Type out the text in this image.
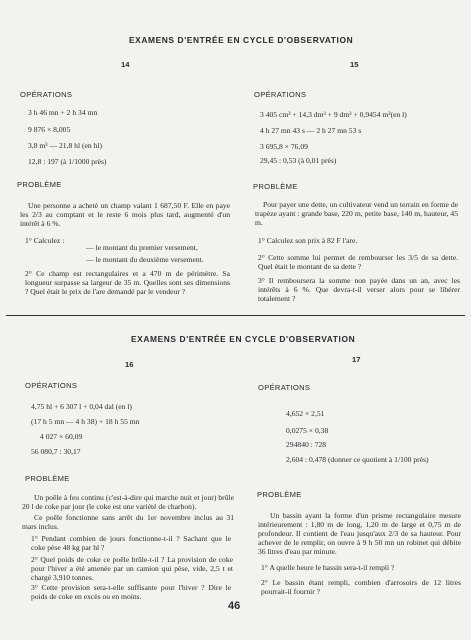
EXAMENS D'ENTRÉE EN CYCLE D'OBSERVATION
14
OPÉRATIONS
3 h 46 mn + 2 h 34 mn
9 876 × 8,005
3,8 m³ — 21,8 hl (en hl)
12,8 : 197 (à 1/1000 près)
PROBLÈME
Une personne a acheté un champ valant 1 687,50 F. Elle en paye les 2/3 au comptant et le reste 6 mois plus tard, augmenté d'un intérêt à 6 %.
1° Calculez :
— le montant du premier versement,
— le montant du deuxième versement.
2° Ce champ est rectangulaires et a 470 m de périmètre. Sa longueur surpasse sa largeur de 35 m. Quelles sont ses dimensions ? Quel était le prix de l'are demandé par le vendeur ?
15
OPÉRATIONS
3 405 cm³ + 14,3 dm³ + 9 dm³ + 0,9454 m³(en l)
4 h 27 mn 43 s — 2 h 27 mn 53 s
3 695,8 × 76,09
29,45 : 0,53 (à 0,01 près)
PROBLÈME
Pour payer une dette, un cultivateur vend un terrain en forme de trapèze ayant : grande base, 220 m, petite base, 140 m, hauteur, 45 m.
1° Calculez son prix à 82 F l'are.
2° Cette somme lui permet de rembourser les 3/5 de sa dette. Quel était le montant de sa dette ?
3° Il remboursera la somme non payée dans un an, avec les intérêts à 6 %. Que devra-t-il verser alors pour se libérer totalement ?
EXAMENS D'ENTRÉE EN CYCLE D'OBSERVATION
16
OPÉRATIONS
4,75 hl + 6 307 l + 0,04 dal (en l)
(17 h 5 mn — 4 h 38) + 18 h 55 mn
4 027 × 60,09
56 080,7 : 30,17
PROBLÈME
Un poêle à feu continu (c'est-à-dire qui marche nuit et jour) brûle 20 l de coke par jour (le coke est une variété de charbon).
Ce poêle fonctionne sans arrêt du 1er novembre inclus au 31 mars inclus.
1° Pendant combien de jours fonctionne-t-il ? Sachant que le coke pèse 48 kg par hl ?
2° Quel poids de coke ce poêle brûle-t-il ? La provision de coke pour l'hiver a été amenée par un camion qui pèse, vide, 2,5 t et chargé 3,910 tonnes.
3° Cette provision sera-t-elle suffisante pour l'hiver ? Dire le poids de coke en excès ou en moins.
17
OPÉRATIONS
4,652 × 2,51
0,0275 × 0,38
294840 : 728
2,604 : 0,478 (donner ce quotient à 1/100 près)
PROBLÈME
Un bassin ayant la forme d'un prisme rectangulaire mesure intérieurement : 1,80 m de long, 1,20 m de large et 0,75 m de profondeur. Il contient de l'eau jusqu'aux 2/3 de sa hauteur. Pour achever de le remplir, on ouvre à 9 h 50 mn un robinet qui débite 36 litres d'eau par minute.
1° A quelle heure le bassin sera-t-il rempli ?
2° Le bassin étant rempli, combien d'arrosoirs de 12 litres pourrait-il fournir ?
46
